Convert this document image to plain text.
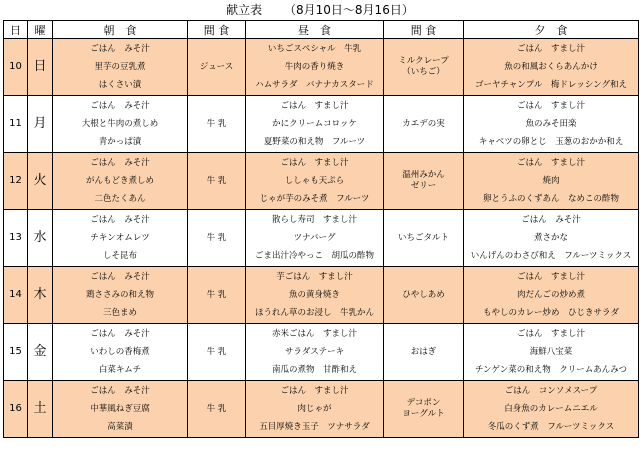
献立表 （8月10日〜8月16日）
日	曜	朝　食	間 食	昼　食	間 食	夕　食
10	日	ごはん　みそ汁
里芋の豆乳煮
はくさい漬	ジュース	いちごスペシャル　牛乳
牛肉の香り焼き
ハムサラダ　バナナカスタード	ミルクレープ
（いちご）	ごはん　すまし汁
魚の和風おくらあんかけ
ゴーヤチャンプル　梅ドレッシング和え

11	月	ごはん　みそ汁
大根と牛肉の煮しめ
青かっぱ漬	牛 乳	ごはん　すまし汁
かにクリームコロッケ
夏野菜の和え物　フルーツ	カエデの実	ごはん　すまし汁
魚のみそ田楽
キャベツの卵とじ　玉葱のおかか和え

12	火	ごはん　みそ汁
がんもどき煮しめ
二色たくあん	牛 乳	ごはん　すまし汁
ししゃも天ぷら
じゃが芋のみそ煮　フルーツ	温州みかん
ゼリー	ごはん　すまし汁
焼肉
卵とうふのくずあん　なめこの酢物

13	水	ごはん　みそ汁
チキンオムレツ
しそ昆布	牛 乳	散らし寿司　すまし汁
ツナバーグ
ごま出汁冷やっこ　胡瓜の酢物	いちごタルト	ごはん　みそ汁
煮さかな
いんげんのわさび和え　フルーツミックス

14	木	ごはん　みそ汁
鶏ささみの和え物
三色まめ	牛 乳	芋ごはん　すまし汁
魚の黄身焼き
ほうれん草のお浸し　牛乳かん	ひやしあめ	ごはん　すまし汁
肉だんごの炒め煮
もやしのカレー炒め　ひじきサラダ

15	金	ごはん　みそ汁
いわしの香梅煮
白菜キムチ	牛 乳	赤米ごはん　すまし汁
サラダステーキ
南瓜の煮物　甘酢和え	おはぎ	ごはん　すまし汁
海鮮八宝菜
チンゲン菜の和え物　クリームあんみつ

16	土	ごはん　みそ汁
中華風ねぎ豆腐
高菜漬	牛 乳	ごはん　すまし汁
肉じゃが
五目厚焼き玉子　ツナサラダ	デコポン
ヨーグルト	ごはん　コンソメスープ
白身魚のカレームニエル
冬瓜のくず煮　フルーツミックス
